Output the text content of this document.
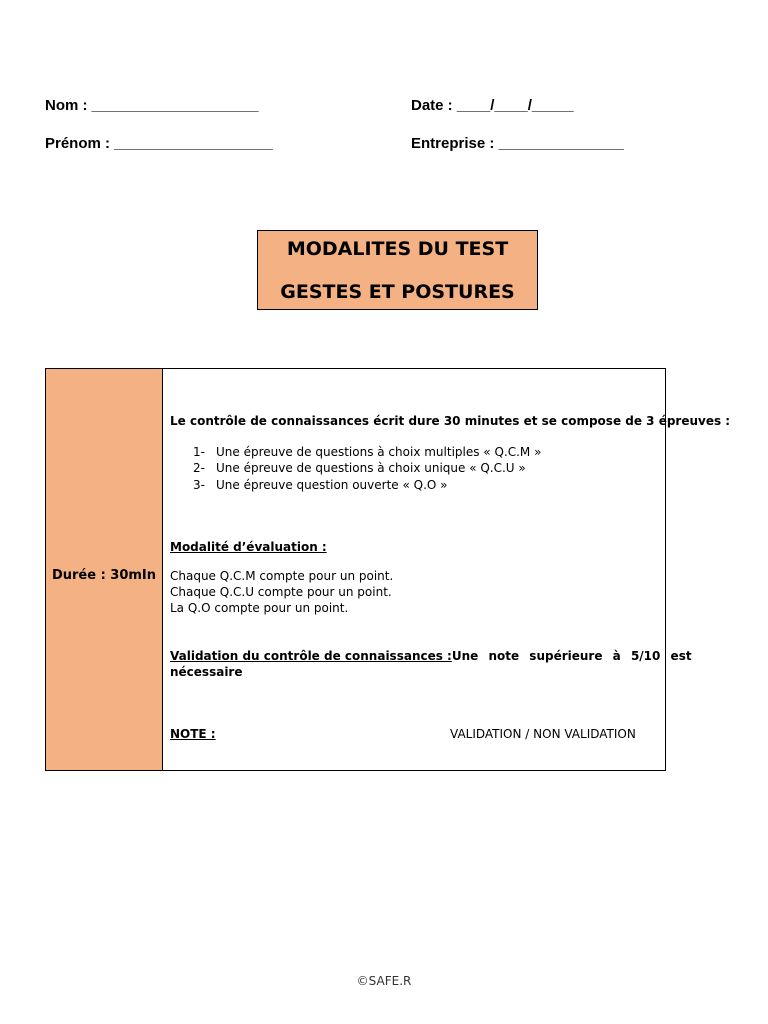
Nom : ____________________	Date : ____/____/_____
Prénom : ___________________	Entreprise : _______________
MODALITES DU TEST
GESTES ET POSTURES
Durée : 30mIn
Le contrôle de connaissances écrit dure 30 minutes et se compose de 3 épreuves :
1- Une épreuve de questions à choix multiples « Q.C.M »
2- Une épreuve de questions à choix unique « Q.C.U »
3- Une épreuve question ouverte « Q.O »
Modalité d’évaluation :
Chaque Q.C.M compte pour un point.
Chaque Q.C.U compte pour un point.
La Q.O compte pour un point.
Validation du contrôle de connaissances : Une note supérieure à 5/10 est
nécessaire
NOTE :	VALIDATION / NON VALIDATION
©SAFE.R
